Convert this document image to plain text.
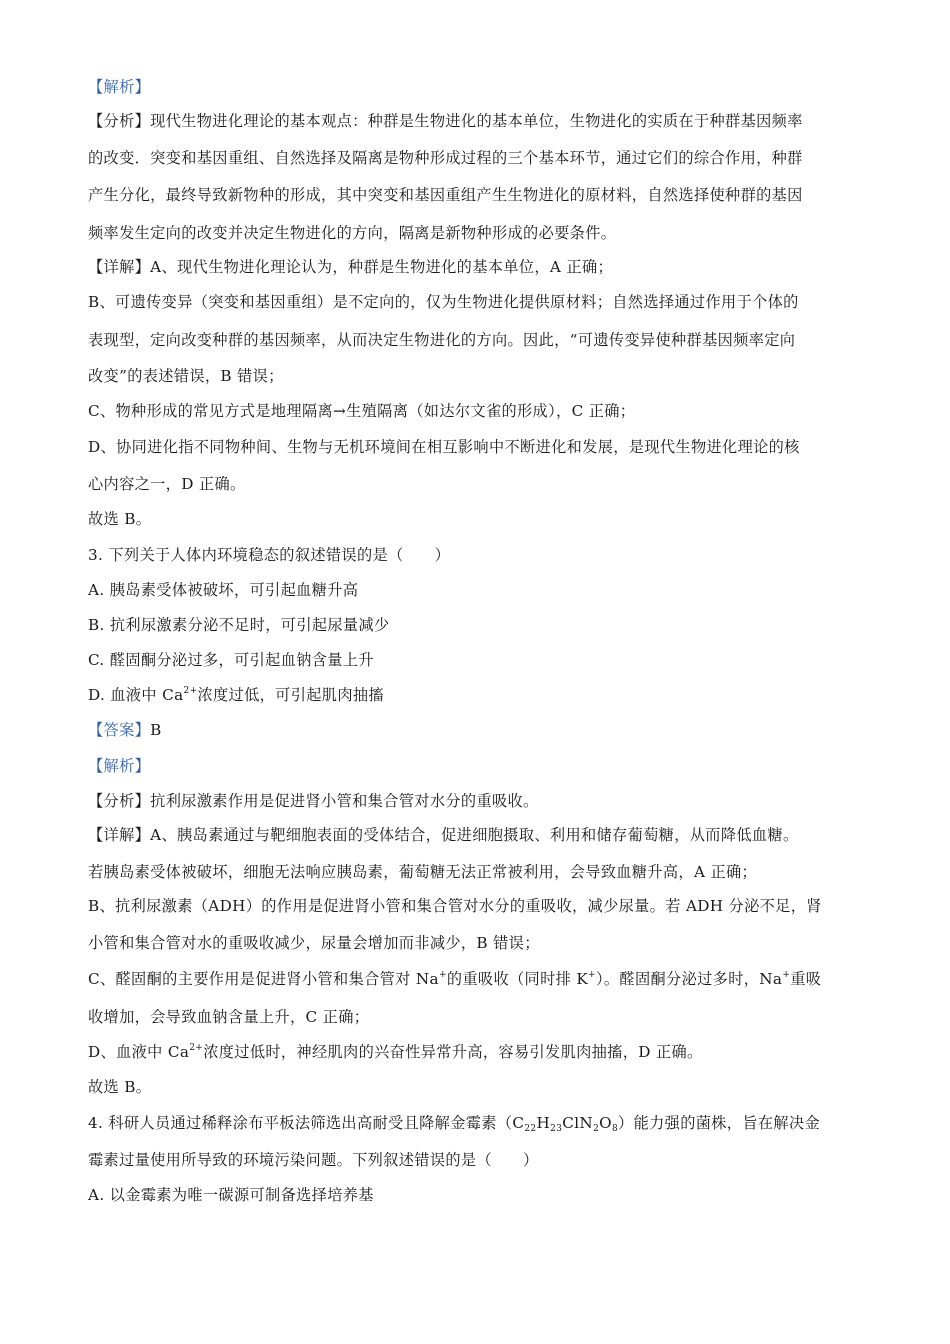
【解析】
【分析】现代生物进化理论的基本观点：种群是生物进化的基本单位，生物进化的实质在于种群基因频率
的改变．突变和基因重组、自然选择及隔离是物种形成过程的三个基本环节，通过它们的综合作用，种群
产生分化，最终导致新物种的形成，其中突变和基因重组产生生物进化的原材料，自然选择使种群的基因
频率发生定向的改变并决定生物进化的方向，隔离是新物种形成的必要条件。
【详解】A、现代生物进化理论认为，种群是生物进化的基本单位，A 正确；
B、可遗传变异（突变和基因重组）是不定向的，仅为生物进化提供原材料；自然选择通过作用于个体的
表现型，定向改变种群的基因频率，从而决定生物进化的方向。因此，“可遗传变异使种群基因频率定向
改变”的表述错误，B 错误；
C、物种形成的常见方式是地理隔离→生殖隔离（如达尔文雀的形成），C 正确；
D、协同进化指不同物种间、生物与无机环境间在相互影响中不断进化和发展，是现代生物进化理论的核
心内容之一，D 正确。
故选 B。
3. 下列关于人体内环境稳态的叙述错误的是（　　）
A. 胰岛素受体被破坏，可引起血糖升高
B. 抗利尿激素分泌不足时，可引起尿量减少
C. 醛固酮分泌过多，可引起血钠含量上升
D. 血液中 $Ca^{2+}$浓度过低，可引起肌肉抽搐
【答案】B
【解析】
【分析】抗利尿激素作用是促进肾小管和集合管对水分的重吸收。
【详解】A、胰岛素通过与靶细胞表面的受体结合，促进细胞摄取、利用和储存葡萄糖，从而降低血糖。
若胰岛素受体被破坏，细胞无法响应胰岛素，葡萄糖无法正常被利用，会导致血糖升高，A 正确；
B、抗利尿激素（ADH）的作用是促进肾小管和集合管对水分的重吸收，减少尿量。若 ADH 分泌不足，肾
小管和集合管对水的重吸收减少，尿量会增加而非减少，B 错误；
C、醛固酮的主要作用是促进肾小管和集合管对 Na+的重吸收（同时排 K+）。醛固酮分泌过多时，Na+重吸
收增加，会导致血钠含量上升，C 正确；
D、血液中 $Ca^{2+}$浓度过低时，神经肌肉的兴奋性异常升高，容易引发肌肉抽搐，D 正确。
故选 B。
4. 科研人员通过稀释涂布平板法筛选出高耐受且降解金霉素$(C_{22}H_{23}ClN_2O_8)$能力强的菌株，旨在解决金
霉素过量使用所导致的环境污染问题。下列叙述错误的是（　　）
A. 以金霉素为唯一碳源可制备选择培养基
